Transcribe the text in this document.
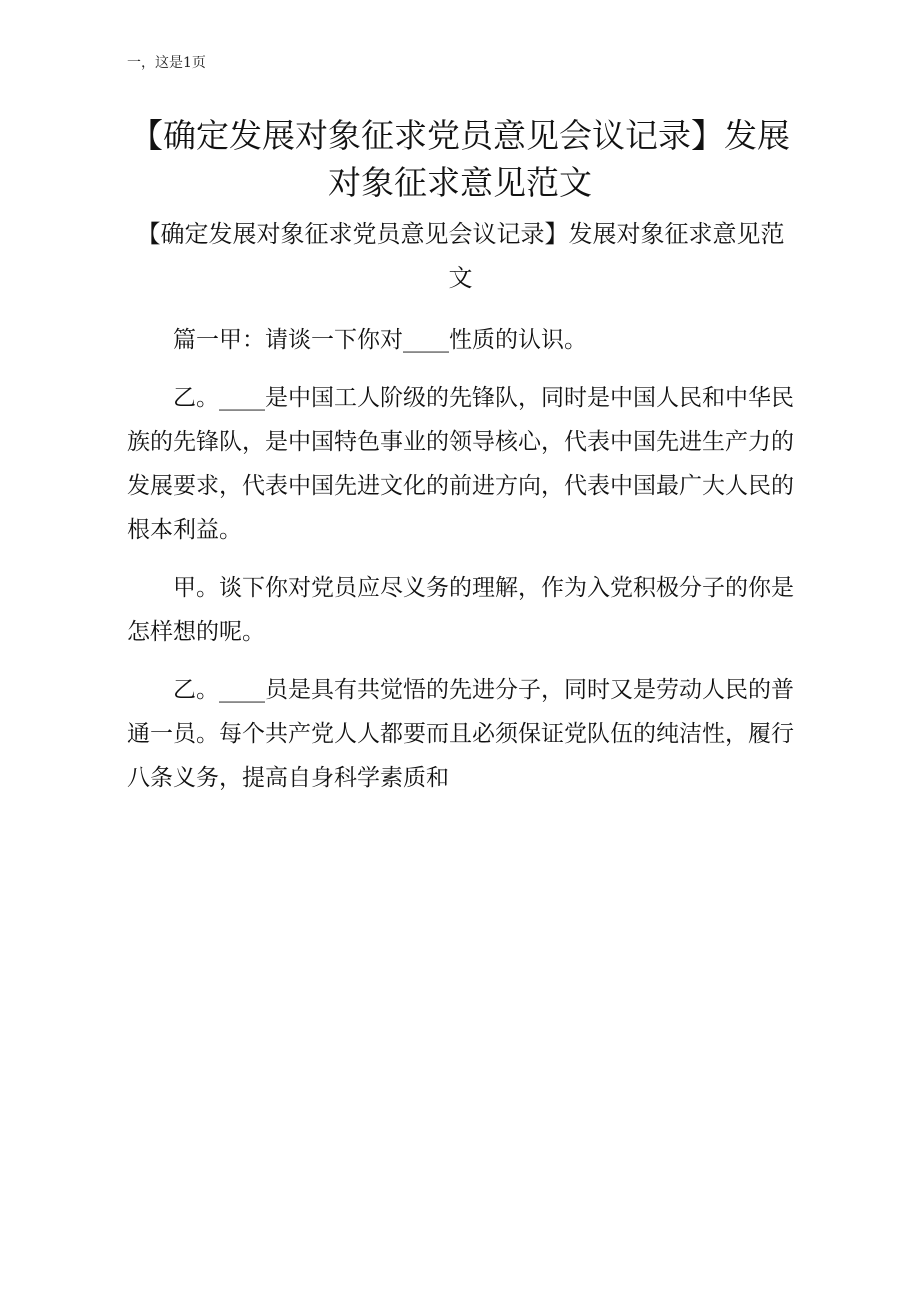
一，这是1页
【确定发展对象征求党员意见会议记录】发展对象征求意见范文

【确定发展对象征求党员意见会议记录】发展对象征求意见范文

篇一甲：请谈一下你对____性质的认识。

乙。____是中国工人阶级的先锋队，同时是中国人民和中华民族的先锋队，是中国特色事业的领导核心，代表中国先进生产力的发展要求，代表中国先进文化的前进方向，代表中国最广大人民的根本利益。

甲。谈下你对党员应尽义务的理解，作为入党积极分子的你是怎样想的呢。

乙。____员是具有共觉悟的先进分子，同时又是劳动人民的普通一员。每个共产党人人都要而且必须保证党队伍的纯洁性，履行八条义务，提高自身科学素质和
